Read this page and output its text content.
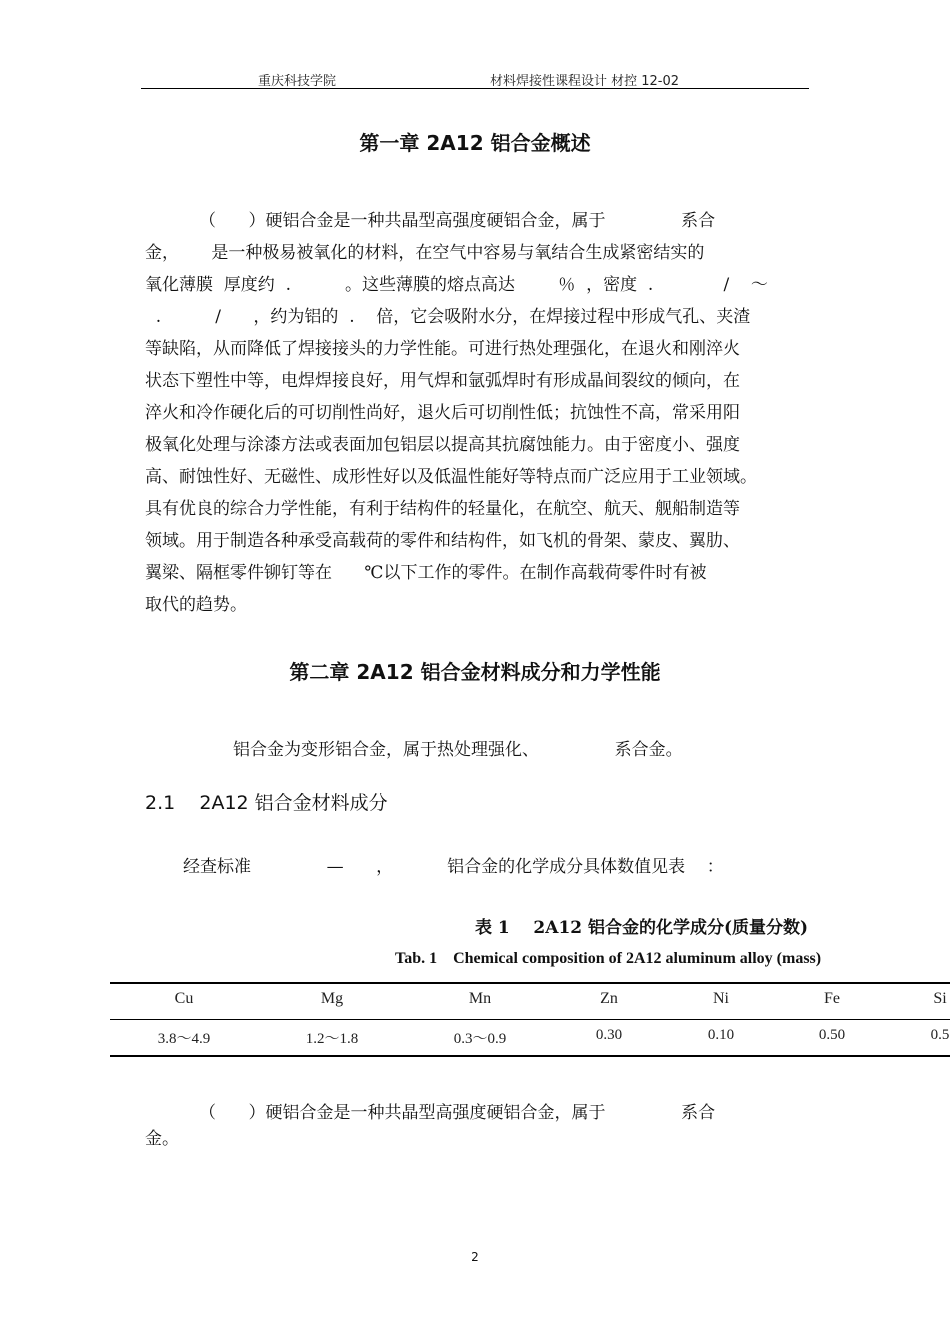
重庆科技学院	材料焊接性课程设计 材控 12-02
第一章 2A12 铝合金概述
（      ）硬铝合金是一种共晶型高强度硬铝合金，属于              系合
金，      是一种极易被氧化的材料，在空气中容易与氧结合生成紧密结实的
氧化薄膜  厚度约  .          。这些薄膜的熔点高达        ％  ，密度  .             /    ～
.          /      ，约为铝的  .    倍，它会吸附水分，在焊接过程中形成气孔、夹渣
等缺陷，从而降低了焊接接头的力学性能。可进行热处理强化，在退火和刚淬火
状态下塑性中等，电焊焊接良好，用气焊和氩弧焊时有形成晶间裂纹的倾向，在
淬火和冷作硬化后的可切削性尚好，退火后可切削性低；抗蚀性不高，常采用阳
极氧化处理与涂漆方法或表面加包铝层以提高其抗腐蚀能力。由于密度小、强度
高、耐蚀性好、无磁性、成形性好以及低温性能好等特点而广泛应用于工业领域。
具有优良的综合力学性能，有利于结构件的轻量化，在航空、航天、舰船制造等
领域。用于制造各种承受高载荷的零件和结构件，如飞机的骨架、蒙皮、翼肋、
翼梁、隔框零件铆钉等在      ℃以下工作的零件。在制作高载荷零件时有被
取代的趋势。
第二章 2A12 铝合金材料成分和力学性能
铝合金为变形铝合金，属于热处理强化、              系合金。
2.1    2A12 铝合金材料成分
经查标准              —      ，          铝合金的化学成分具体数值见表    ：
表 1    2A12 铝合金的化学成分(质量分数)
Tab. 1    Chemical composition of 2A12 aluminum alloy (mass)
Cu	Mg	Mn	Zn	Ni	Fe	Si
3.8～4.9	1.2～1.8	0.3～0.9	0.30	0.10	0.50	0.5
（      ）硬铝合金是一种共晶型高强度硬铝合金，属于              系合
金。
2
